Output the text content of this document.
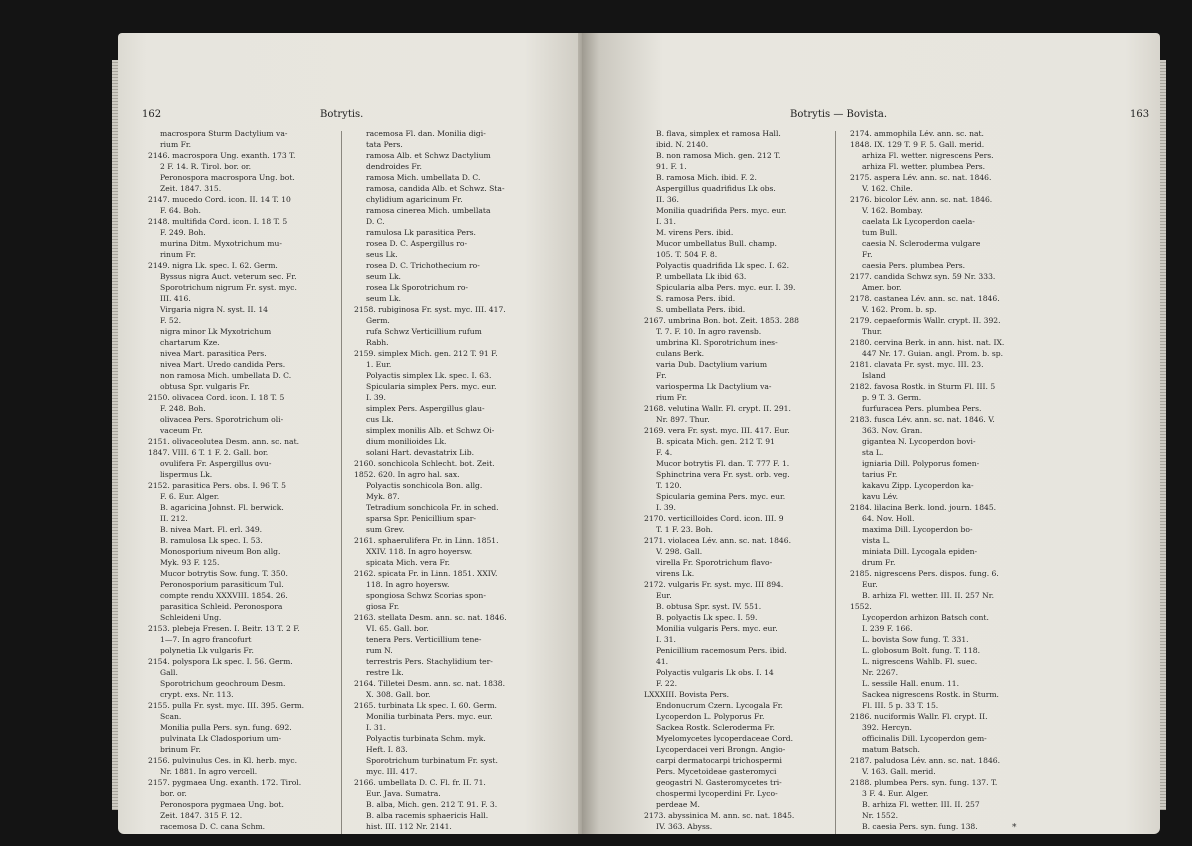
162	Botrytis.
macrospora Sturm Dactylium va-
rium Fr.
2146. macrospora Ung. exanth. 173 T.
2 F. 14. R. Tirol. bor. or.
Peronospora macrospora Ung. bot.
Zeit. 1847. 315.
2147. mucedo Cord. icon. II. 14 T. 10
F. 64. Boh.
2148. multifida Cord. icon. I. 18 T. 5
F. 249. Boh.
murina Ditm. Myxotrichum mu-
rinum Fr.
2149. nigra Lk. spec. I. 62. Germ.
Byssus nigra Auct. veterum sec. Fr.
Sporotrichum nigrum Fr. syst. myc.
III. 416.
Virgaria nigra N. syst. II. 14
F. 52.
nigra minor Lk Myxotrichum
chartarum Kze.
nivea Mart. parasitica Pers.
nivea Mart. Uredo candida Pers.
non ramosa Mich. umbellata D. C.
obtusa Spr. vulgaris Fr.
2150. olivacea Cord. icon. I. 18 T. 5
F. 248. Boh.
olivacea Pers. Sporotrichum oli-
vaceum Fr.
2151. olivaceolutea Desm. ann. sc. nat.
1847. VIII. 6 T. 1 F. 2. Gall. bor.
ovulifera Fr. Aspergillus ovu-
lispermus Lk.
2152. parasitica Pers. obs. I. 96 T. 5
F. 6. Eur. Alger.
B. agaricina Johnst. Fl. berwick.
II. 212.
B. nivea Mart. Fl. erl. 349.
B. ramulosa Lk spec. I. 53.
Monosporium niveum Bon allg.
Myk. 93 F. 125.
Mucor botrytis Sow. fung. T. 350.
Peronosporium parasiticum Tul.
compte rendu XXXVIII. 1854. 26.
parasitica Schleid. Peronospora
Schleideni Ung.
2153. plebeja Fresen. I. Beitr. 13 T. 2 F.
1—7. In agro francofurt
polynetia Lk vulgaris Fr.
2154. polyspora Lk spec. I. 56. Germ.
Gall.
Sporotrichum geochroum Desm.
crypt. exs. Nr. 113.
2155. pulla Fr. syst. myc. III. 395. Germ.
Scan.
Monilia pulla Pers. syn. fung. 692.
pulvinata Lk Cladosporium um-
brinum Fr.
2156. pulvinulus Ces. in Kl. herb. myc.
Nr. 1881. In agro vercell.
2157. pygmaea Ung. exanth. 172. Tirol.
bor. or.
Peronospora pygmaea Ung. bot.
Zeit. 1847. 315 F. 12.
racemosa D. C. cana Schm.
racemosa Fl. dan. Monilia digi-
tata Pers.
ramosa Alb. et Schwz Dactylium
dendroides Fr.
ramosa Mich. umbellata D. C.
ramosa, candida Alb. et Schwz. Sta-
chylidium agaricinum Fr.
ramosa cinerea Mich. umbellata
D. C.
ramulosa Lk parasitica Pers.
rosea D. C. Aspergillus ro-
seus Lk.
rosea D. C. Trichothecium ro-
seum Lk.
rosea Lk Sporotrichum ro-
seum Lk.
2158. rubiginosa Fr. syst. myc. III. 417.
Germ.
rufa Schwz Verticillium rufum
Rabh.
2159. simplex Mich. gen. 212 T. 91 F.
1. Eur.
Polyactis simplex Lk. spec. I. 63.
Spicularia simplex Pers. myc. eur.
I. 39.
simplex Pers. Aspergillus glau-
cus Lk.
simplex monilis Alb. et Schwz Oi-
dium monilioides Lk.
solani Hart. devastatrix Lib.
2160. sonchicola Schlecht. bot. Zeit.
1852. 620. In agro hal. sax.
Polyactis sonchicola Bon. allg.
Myk. 87.
Tetradium sonchicola Fr. in sched.
sparsa Spr. Penicillium spar-
sum Grev.
2161. sphaerulifera Fr. in Linn. 1851.
XXIV. 118. In agro hoyersw.
spicata Mich. vera Fr.
2162. spicata Fr. in Linn. 1851. XXIV.
118. In agro hoyersw.
spongiosa Schwz Scorias spon-
giosa Fr.
2163. stellata Desm. ann. sc. nat. 1846.
VI. 65. Gall. bor.
tenera Pers. Verticillium tene-
rum N.
terrestris Pers. Stachylidium ter-
restre Lk.
2164. Tilletei Desm. ann. sc. nat. 1838.
X. 308. Gall. bor.
2165. turbinata Lk spec. I. 60. Germ.
Monilia turbinata Pers. myc. eur.
I. 31.
Polyactis turbinata Schm. myk.
Heft. I. 83.
Sporotrichum turbinatum Fr. syst.
myc. III. 417.
2166. umbellata D. C. Fl. fr. II. 71.
Eur. Java. Sumatra.
B. alba, Mich. gen. 212 T. 91. F. 3.
B. alba racemis sphaericis Hall.
hist. III. 112 Nr. 2141.
Botrytis — Bovista.	163
B. flava, simplex et ramosa Hall.
ibid. N. 2140.
B. non ramosa Mich. gen. 212 T.
91. F. 1.
B. ramosa Mich. ibid. F. 2.
Aspergillus quadrifidus Lk obs.
II. 36.
Monilia quadrifida Pers. myc. eur.
I. 31.
M. virens Pers. ibid.
Mucor umbellatus Bull. champ.
105. T. 504 F. 8.
Polyactis quadrifida Lk spec. I. 62.
P. umbellata Lk ibid 63.
Spicularia alba Pers. myc. eur. I. 39.
S. ramosa Pers. ibid.
S. umbellata Pers. ibid.
2167. umbrina Bon. bot. Zeit. 1853. 288
T. 7. F. 10. In agro ravensb.
umbrina Kl. Sporotrichum ines-
culans Berk.
varia Dub. Dactylium varium
Fr.
variospermа Lk Dactylium va-
rium Fr.
2168. velutina Wallr. Fl. crypt. II. 291.
Nr. 897. Thur.
2169. vera Fr. syst. myc. III. 417. Eur.
B. spicata Mich. gen. 212 T. 91
F. 4.
Mucor botrytis Fl. dan. T. 777 F. 1.
Sphinctrina vera Fr. syst. orb. veg.
T. 120.
Spicularia gemina Pers. myc. eur.
I. 39.
2170. verticilloides Cord. icon. III. 9
T. 1 F. 23. Boh.
2171. violacea Lév. ann. sc. nat. 1846.
V. 298. Gall.
virella Fr. Sporotrichum flavo-
virens Lk.
2172. vulgaris Fr. syst. myc. III 894.
Eur.
B. obtusa Spr. syst. IV. 551.
B. polyactis Lk spec. I. 59.
Monilia vulgaris Pers. myc. eur.
I. 31.
Penicillium racemosum Pers. ibid.
41.
Polyactis vulgaris Lk obs. I. 14
F. 22.
LXXXIII. Bovista Pers.
Endonucrum Czern. Lycogala Fr.
Lycoperdon L. Polyporus Fr.
Sackea Rostk. Scleroderma Fr.
Myelomycetes lycoperdaceae Cord.
Lycoperdacei veri Brongn. Angio-
carpi dermatocarpi trichospermi
Pers. Mycetoideae gasteromyci
geogastri N. Gasteromycetes tri-
chospermi lycoperdini Fr. Lyco-
perdeae M.
2173. abyssinica M. ann. sc. nat. 1845.
IV. 363. Abyss.
2174. ammophila Lév. ann. sc. nat.
1848. IX. 129 T. 9 F. 5. Gall. merid.
arhiza Fl. wetter. nigrescens Pers.
arhiza Fl. wetter. plumbea Pers.
2175. aspera Lév. ann. sc. nat. 1846.
V. 162. Chile.
2176. bicolor Lév. ann. sc. nat. 1846.
V. 162. Bombay.
caelata Lk Lycoperdon caela-
tum Bull.
caesia N. Scleroderma vulgare
Fr.
caesia Pers. plumbea Pers.
2177. candida Schwz syn. 59 Nr. 333.
Amer. bor.
2178. castanea Lév. ann. sc. nat. 1846.
V. 162. Prom. b. sp.
2179. cepaeformis Wallr. crypt. II. 392.
Thur.
2180. cervina Berk. in ann. hist. nat. IX.
447 Nr. 17. Guian. angl. Prom. b. sp.
2181. clavata Fr. syst. myc. III. 23.
Island
2182. favosa Rostk. in Sturm Fl. III. 5
p. 9 T. 3. Germ.
furfuracea Pers. plumbea Pers.
2183. fusca Lév. ann. sc. nat. 1846. V.
363. Nov. Gran.
gigantea N. Lycoperdon bovi-
sta L.
igniaria Dill. Polyporus fomen-
tarius Fr.
kakavu Zipp. Lycoperdon ka-
kavu Lév.
2184. lilacina Berk. lond. journ. 1845.
64. Nov. Holl.
maxima Dill. Lycoperdon bo-
vista L.
miniata Dill. Lycogala epiden-
drum Fr.
2185. nigrescens Pers. dispos. fung. 6.
Eur.
B. arhiza Fl. wetter. III. II. 257 Nr.
1552.
Lycoperdon arhizon Batsch cont.
I. 239 F. 166.
L. bovista Sow fung. T. 331.
L. globosum Bolt. fung. T. 118.
L. nigrescens Wahlb. Fl. suec.
Nr. 2267.
L. sessile Hall. enum. 11.
Sackea nigrescens Rostk. in Sturm.
Fl. III. 5 p. 33 T. 15.
2186. nuciformis Wallr. Fl. crypt. II.
392. Hercyn.
officinalis Dill. Lycoperdon gem-
matum Batsch.
2187. paludosa Lév. ann. sc. nat. 1846.
V. 163. Gall. merid.
2188. plumbea Pers. syn. fung. 137. T.
3 F. 4. Eur. Alger.
B. arhiza Fl. wetter. III. II. 257
Nr. 1552.
B. caesia Pers. syn. fung. 138.	*
